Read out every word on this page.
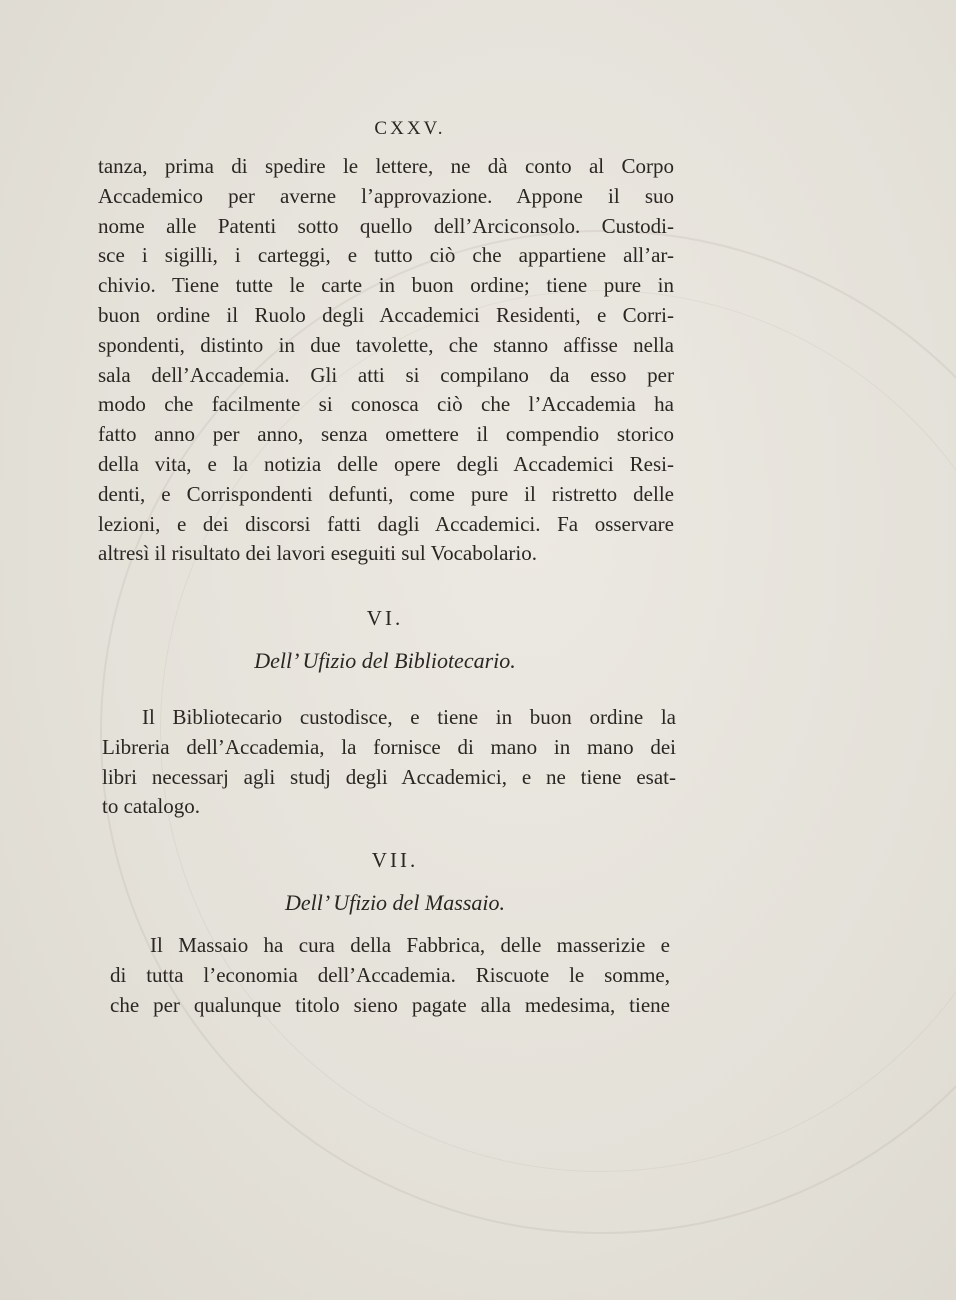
CXXV.
tanza, prima di spedire le lettere, ne dà conto al Corpo
Accademico per averne l’approvazione. Appone il suo
nome alle Patenti sotto quello dell’Arciconsolo. Custodi-
sce i sigilli, i carteggi, e tutto ciò che appartiene all’ar-
chivio. Tiene tutte le carte in buon ordine; tiene pure in
buon ordine il Ruolo degli Accademici Residenti, e Corri-
spondenti, distinto in due tavolette, che stanno affisse nella
sala dell’Accademia. Gli atti si compilano da esso per
modo che facilmente si conosca ciò che l’Accademia ha
fatto anno per anno, senza omettere il compendio storico
della vita, e la notizia delle opere degli Accademici Resi-
denti, e Corrispondenti defunti, come pure il ristretto delle
lezioni, e dei discorsi fatti dagli Accademici. Fa osservare
altresì il risultato dei lavori eseguiti sul Vocabolario.
VI.
Dell’ Ufizio del Bibliotecario.
Il Bibliotecario custodisce, e tiene in buon ordine la
Libreria dell’Accademia, la fornisce di mano in mano dei
libri necessarj agli studj degli Accademici, e ne tiene esat-
to catalogo.
VII.
Dell’ Ufizio del Massaio.
Il Massaio ha cura della Fabbrica, delle masserizie e
di tutta l’economia dell’Accademia. Riscuote le somme,
che per qualunque titolo sieno pagate alla medesima, tiene
